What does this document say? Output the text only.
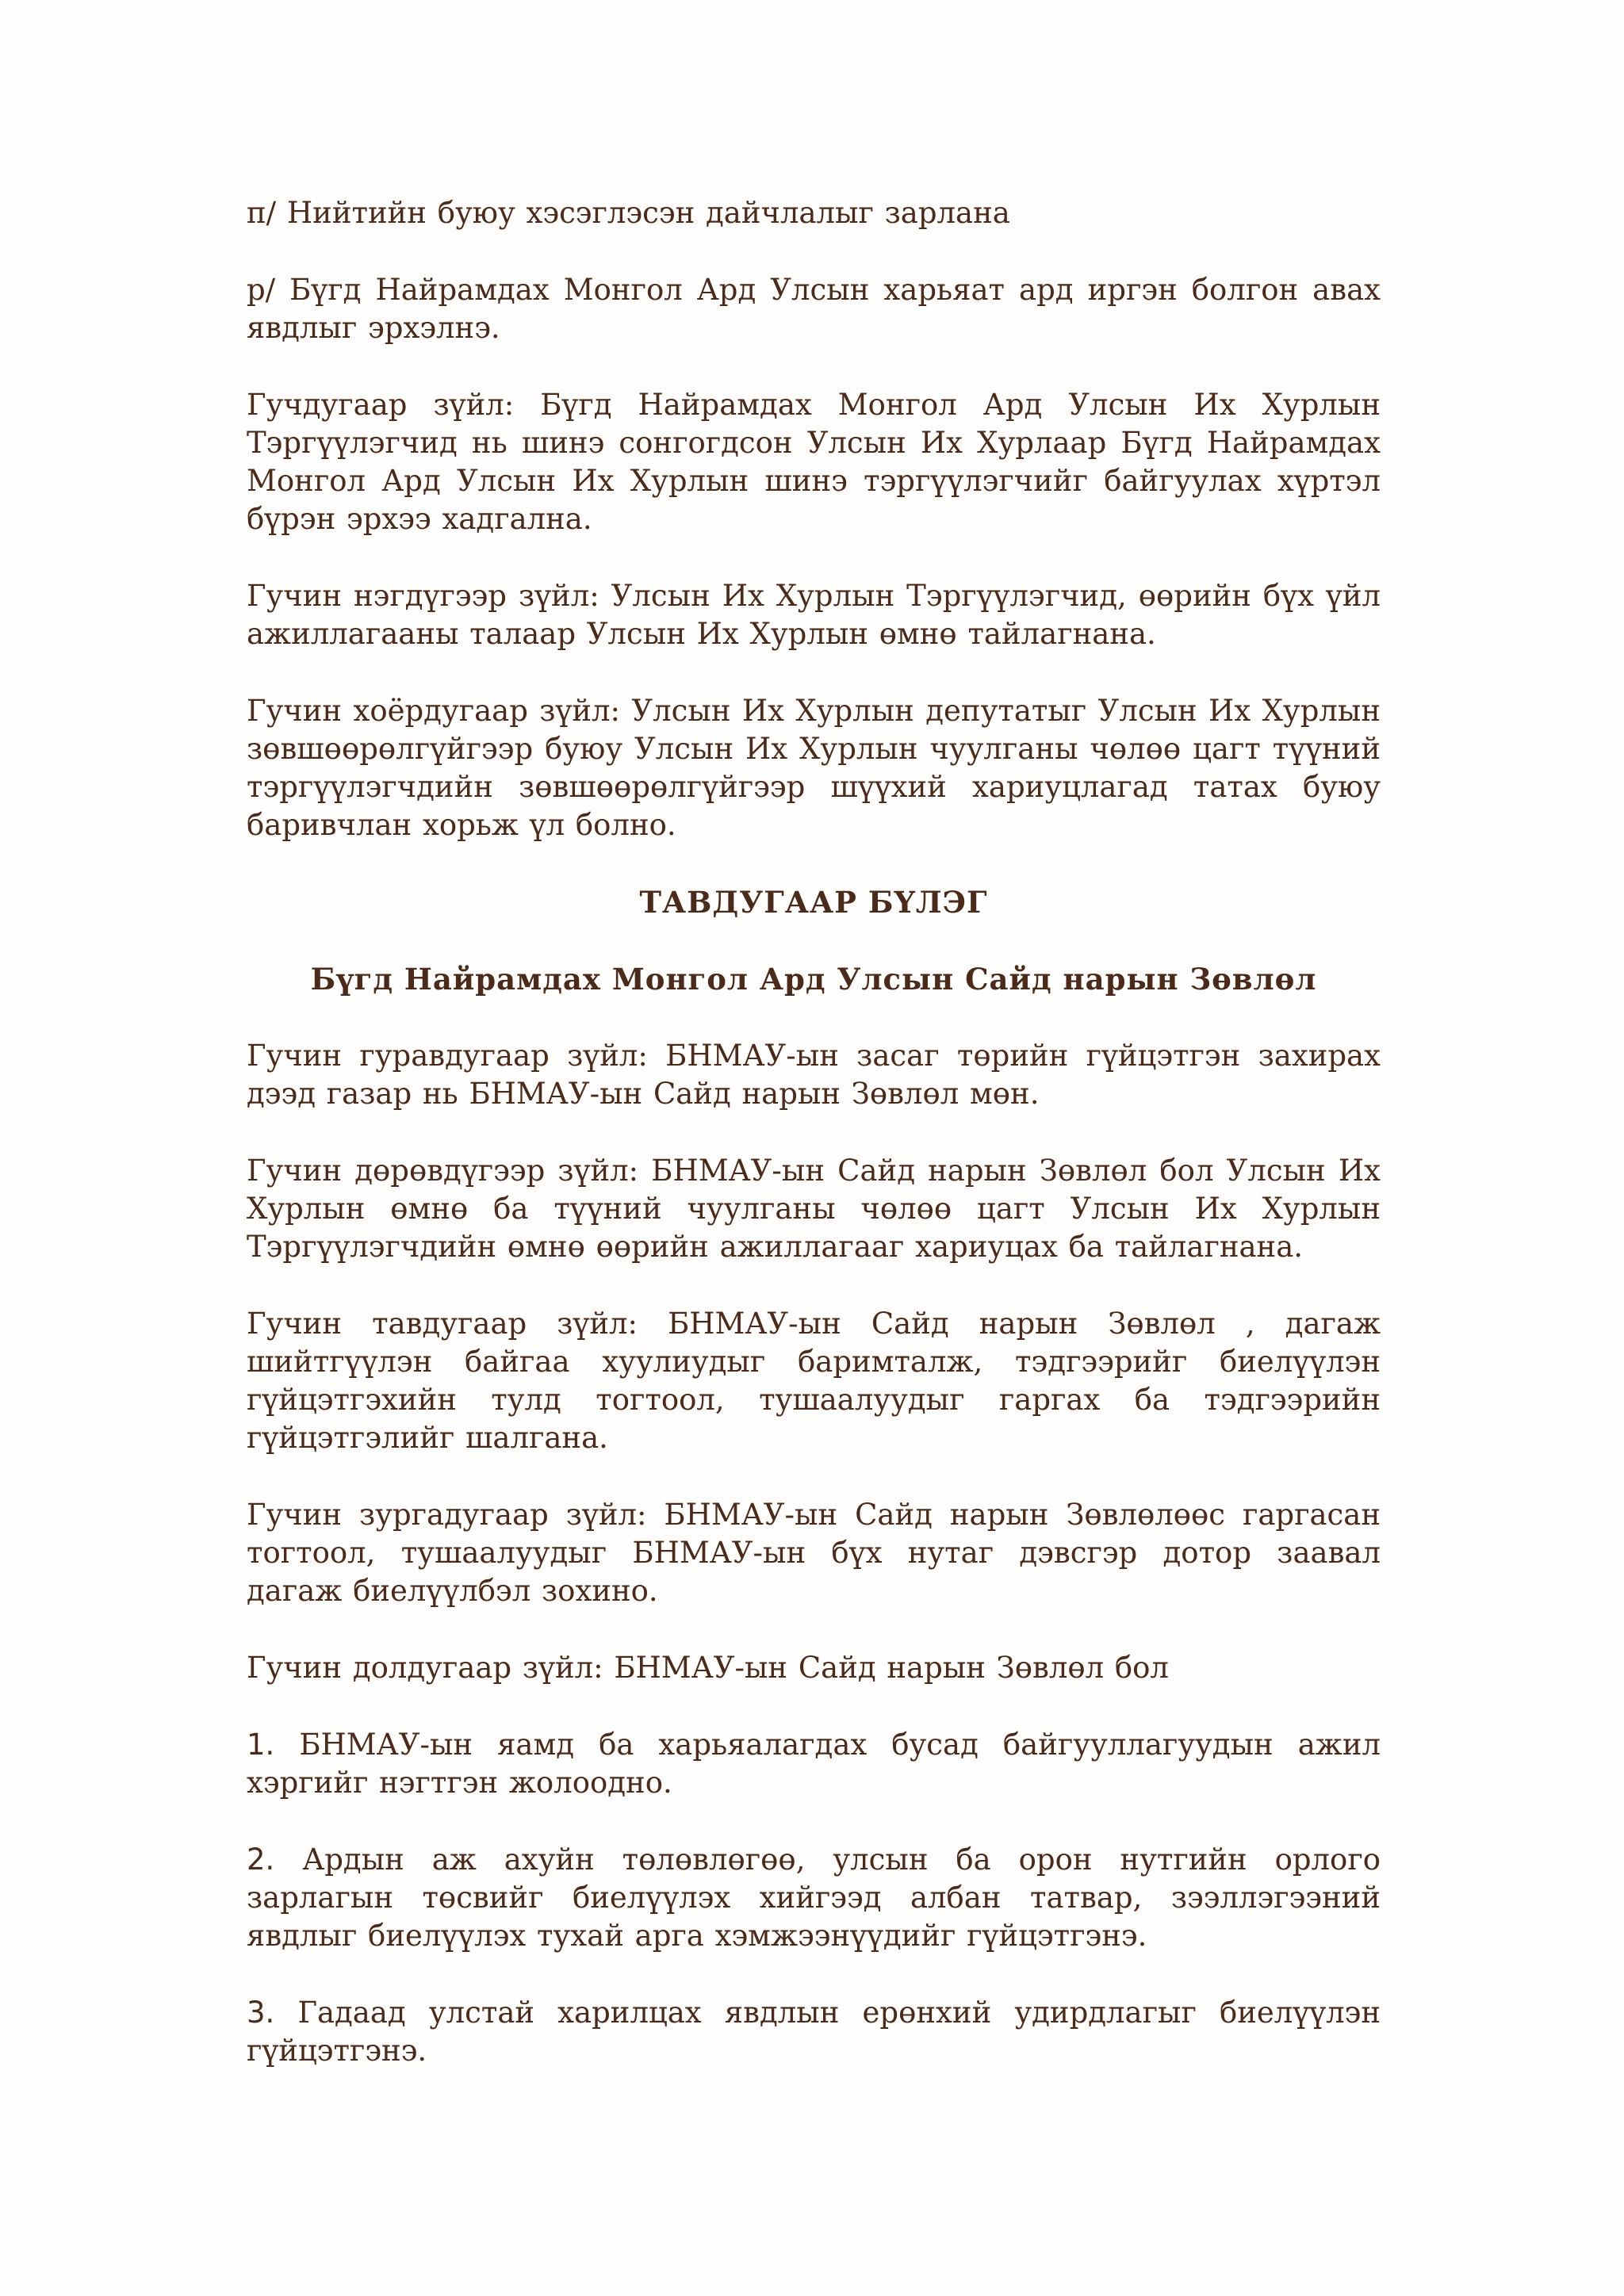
п/ Нийтийн буюу хэсэглэсэн дайчлалыг зарлана

р/ Бүгд Найрамдах Монгол Ард Улсын харьяат ард иргэн болгон авах явдлыг эрхэлнэ.

Гучдугаар зүйл: Бүгд Найрамдах Монгол Ард Улсын Их Хурлын Тэргүүлэгчид нь шинэ сонгогдсон Улсын Их Хурлаар Бүгд Найрамдах Монгол Ард Улсын Их Хурлын шинэ тэргүүлэгчийг байгуулах хүртэл бүрэн эрхээ хадгална.

Гучин нэгдүгээр зүйл: Улсын Их Хурлын Тэргүүлэгчид, өөрийн бүх үйл ажиллагааны талаар Улсын Их Хурлын өмнө тайлагнана.

Гучин хоёрдугаар зүйл: Улсын Их Хурлын депутатыг Улсын Их Хурлын зөвшөөрөлгүйгээр буюу Улсын Их Хурлын чуулганы чөлөө цагт түүний тэргүүлэгчдийн зөвшөөрөлгүйгээр шүүхий хариуцлагад татах буюу баривчлан хорьж үл болно.

ТАВДУГААР БҮЛЭГ
Бүгд Найрамдах Монгол Ард Улсын Сайд нарын Зөвлөл

Гучин гуравдугаар зүйл: БНМАУ-ын засаг төрийн гүйцэтгэн захирах дээд газар нь БНМАУ-ын Сайд нарын Зөвлөл мөн.

Гучин дөрөвдүгээр зүйл: БНМАУ-ын Сайд нарын Зөвлөл бол Улсын Их Хурлын өмнө ба түүний чуулганы чөлөө цагт Улсын Их Хурлын Тэргүүлэгчдийн өмнө өөрийн ажиллагааг хариуцах ба тайлагнана.

Гучин тавдугаар зүйл: БНМАУ-ын Сайд нарын Зөвлөл , дагаж шийтгүүлэн байгаа хуулиудыг баримталж, тэдгээрийг биелүүлэн гүйцэтгэхийн тулд тогтоол, тушаалуудыг гаргах ба тэдгээрийн гүйцэтгэлийг шалгана.

Гучин зургадугаар зүйл: БНМАУ-ын Сайд нарын Зөвлөлөөс гаргасан тогтоол, тушаалуудыг БНМАУ-ын бүх нутаг дэвсгэр дотор заавал дагаж биелүүлбэл зохино.

Гучин долдугаар зүйл: БНМАУ-ын Сайд нарын Зөвлөл бол

1. БНМАУ-ын яамд ба харьяалагдах бусад байгууллагуудын ажил хэргийг нэгтгэн жолоодно.

2. Ардын аж ахуйн төлөвлөгөө, улсын ба орон нутгийн орлого зарлагын төсвийг биелүүлэх хийгээд албан татвар, зээллэгээний явдлыг биелүүлэх тухай арга хэмжээнүүдийг гүйцэтгэнэ.

3. Гадаад улстай харилцах явдлын ерөнхий удирдлагыг биелүүлэн гүйцэтгэнэ.
